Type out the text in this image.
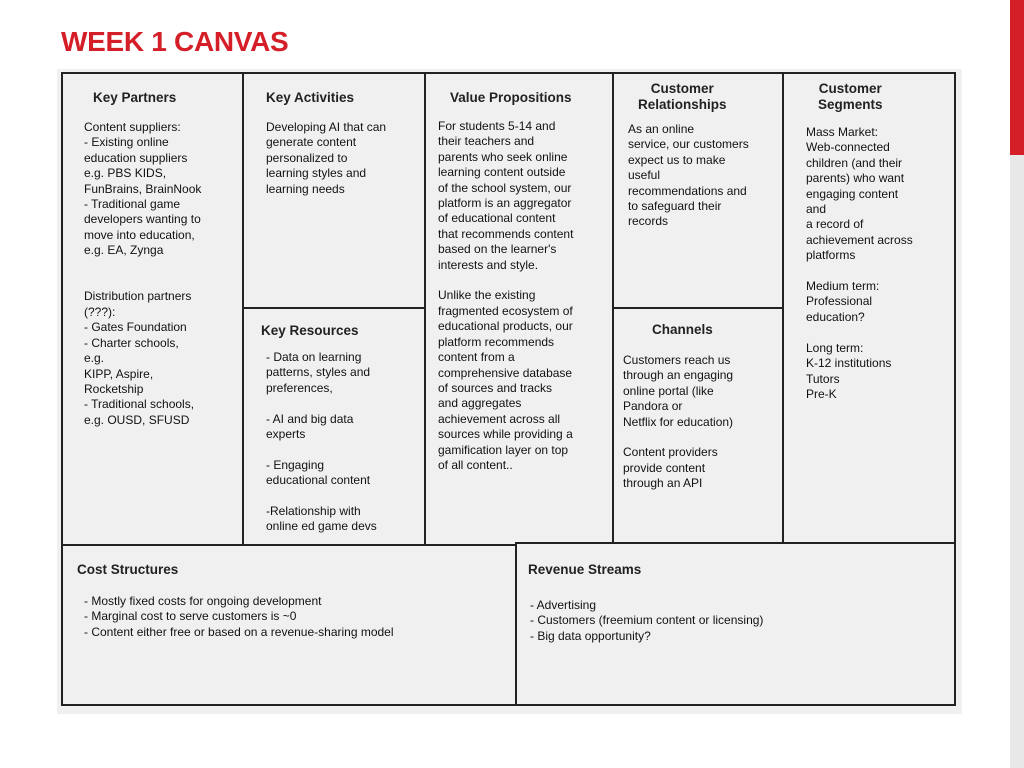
WEEK 1 CANVAS
Key Partners

Content suppliers:
- Existing online
education suppliers
e.g. PBS KIDS,
FunBrains, BrainNook
- Traditional game
developers wanting to
move into education,
e.g. EA, Zynga

Distribution partners
(???):
- Gates Foundation
- Charter schools,
e.g.
KIPP, Aspire,
Rocketship
- Traditional schools,
e.g. OUSD, SFUSD

Key Activities

Developing AI that can
generate content
personalized to
learning styles and
learning needs

Key Resources

- Data on learning
patterns, styles and
preferences,

- AI and big data
experts

- Engaging
educational content

-Relationship with
online ed game devs

Value Propositions

For students 5-14 and
their teachers and
parents who seek online
learning content outside
of the school system, our
platform is an aggregator
of educational content
that recommends content
based on the learner's
interests and style.

Unlike the existing
fragmented ecosystem of
educational products, our
platform recommends
content from a
comprehensive database
of sources and tracks
and aggregates
achievement across all
sources while providing a
gamification layer on top
of all content..

Customer
Relationships

As an online
service, our customers
expect us to make
useful
recommendations and
to safeguard their
records

Channels

Customers reach us
through an engaging
online portal (like
Pandora or
Netflix for education)

Content providers
provide content
through an API

Customer
Segments

Mass Market:
Web-connected
children (and their
parents) who want
engaging content
and
a record of
achievement across
platforms

Medium term:
Professional
education?

Long term:
K-12 institutions
Tutors
Pre-K

Cost Structures

- Mostly fixed costs for ongoing development
- Marginal cost to serve customers is ~0
- Content either free or based on a revenue-sharing model

Revenue Streams

- Advertising
- Customers (freemium content or licensing)
- Big data opportunity?
